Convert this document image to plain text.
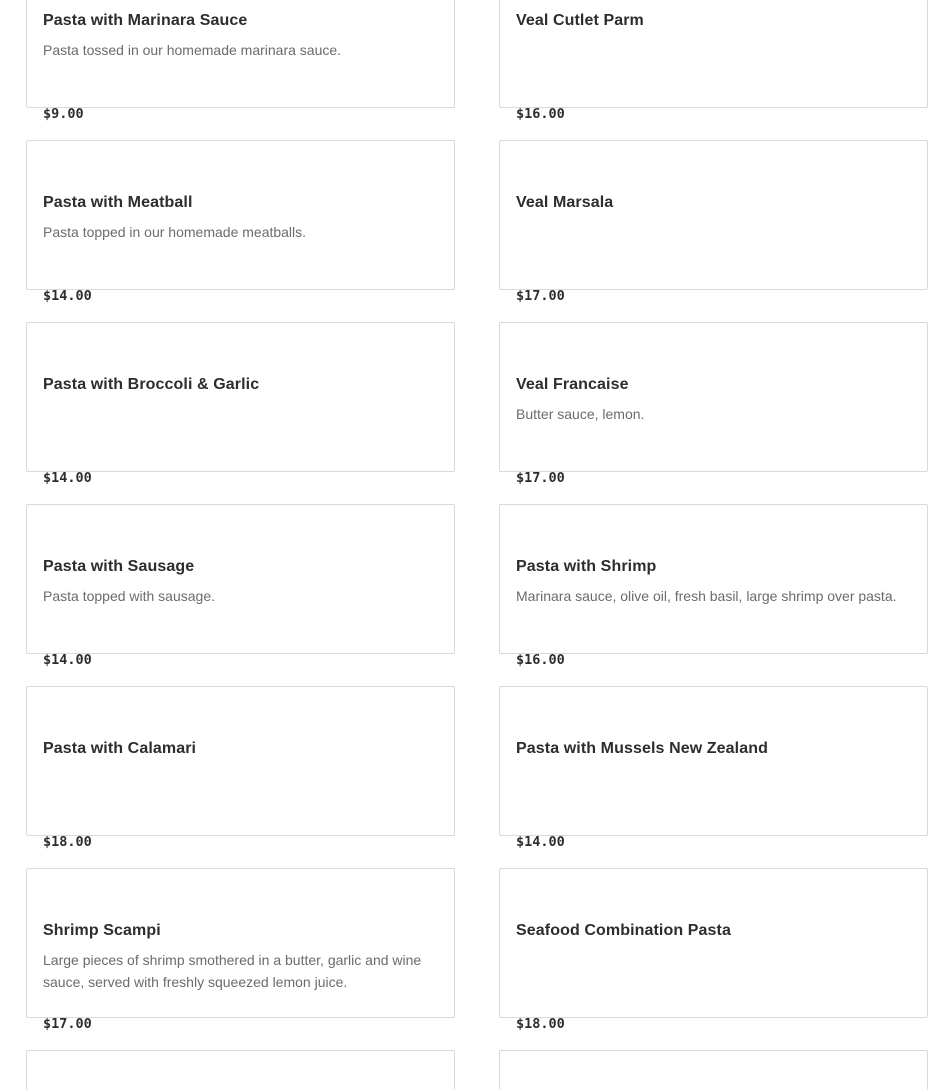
Pasta with Marinara Sauce
Pasta tossed in our homemade marinara sauce.
$9.00
Veal Cutlet Parm
$16.00
Pasta with Meatball
Pasta topped in our homemade meatballs.
$14.00
Veal Marsala
$17.00
Pasta with Broccoli & Garlic
$14.00
Veal Francaise
Butter sauce, lemon.
$17.00
Pasta with Sausage
Pasta topped with sausage.
$14.00
Pasta with Shrimp
Marinara sauce, olive oil, fresh basil, large shrimp over pasta.
$16.00
Pasta with Calamari
$18.00
Pasta with Mussels New Zealand
$14.00
Shrimp Scampi
Large pieces of shrimp smothered in a butter, garlic and wine sauce, served with freshly squeezed lemon juice.
$17.00
Seafood Combination Pasta
$18.00
